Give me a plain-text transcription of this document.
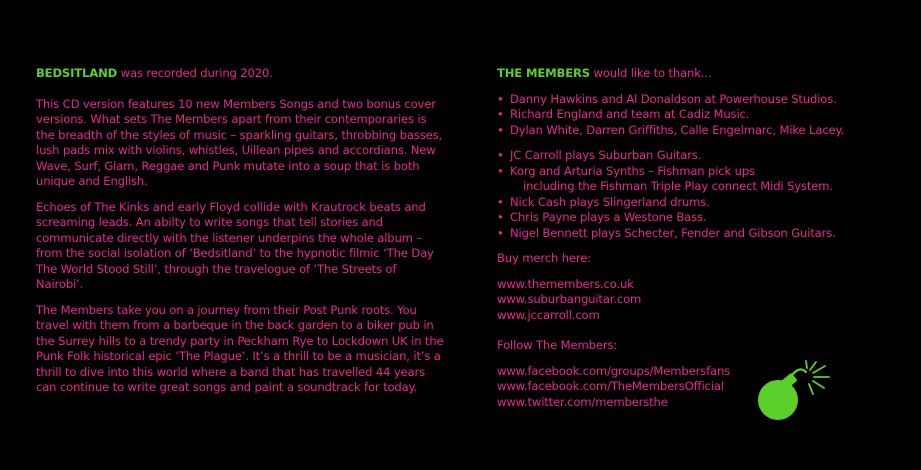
BEDSITLAND was recorded during 2020.

This CD version features 10 new Members Songs and two bonus cover versions. What sets The Members apart from their contemporaries is the breadth of the styles of music – sparkling guitars, throbbing basses, lush pads mix with violins, whistles, Uillean pipes and accordians. New Wave, Surf, Glam, Reggae and Punk mutate into a soup that is both unique and English.

Echoes of The Kinks and early Floyd collide with Krautrock beats and screaming leads. An abilty to write songs that tell stories and communicate directly with the listener underpins the whole album – from the social isolation of ‘Bedsitland’ to the hypnotic filmic ‘The Day The World Stood Still’, through the travelogue of ‘The Streets of Nairobi’.

The Members take you on a journey from their Post Punk roots. You travel with them from a barbeque in the back garden to a biker pub in the Surrey hills to a trendy party in Peckham Rye to Lockdown UK in the Punk Folk historical epic ‘The Plague’. It’s a thrill to be a musician, it’s a thrill to dive into this world where a band that has travelled 44 years can continue to write great songs and paint a soundtrack for today.

THE MEMBERS would like to thank...

• Danny Hawkins and Al Donaldson at Powerhouse Studios.
• Richard England and team at Cadiz Music.
• Dylan White, Darren Griffiths, Calle Engelmarc, Mike Lacey.
• JC Carroll plays Suburban Guitars.
• Korg and Arturia Synths – Fishman pick ups
including the Fishman Triple Play connect Midi System.
• Nick Cash plays Slingerland drums.
• Chris Payne plays a Westone Bass.
• Nigel Bennett plays Schecter, Fender and Gibson Guitars.

Buy merch here:

www.themembers.co.uk
www.suburbanguitar.com
www.jccarroll.com

Follow The Members:

www.facebook.com/groups/Membersfans
www.facebook.com/TheMembersOfficial
www.twitter.com/membersthe
